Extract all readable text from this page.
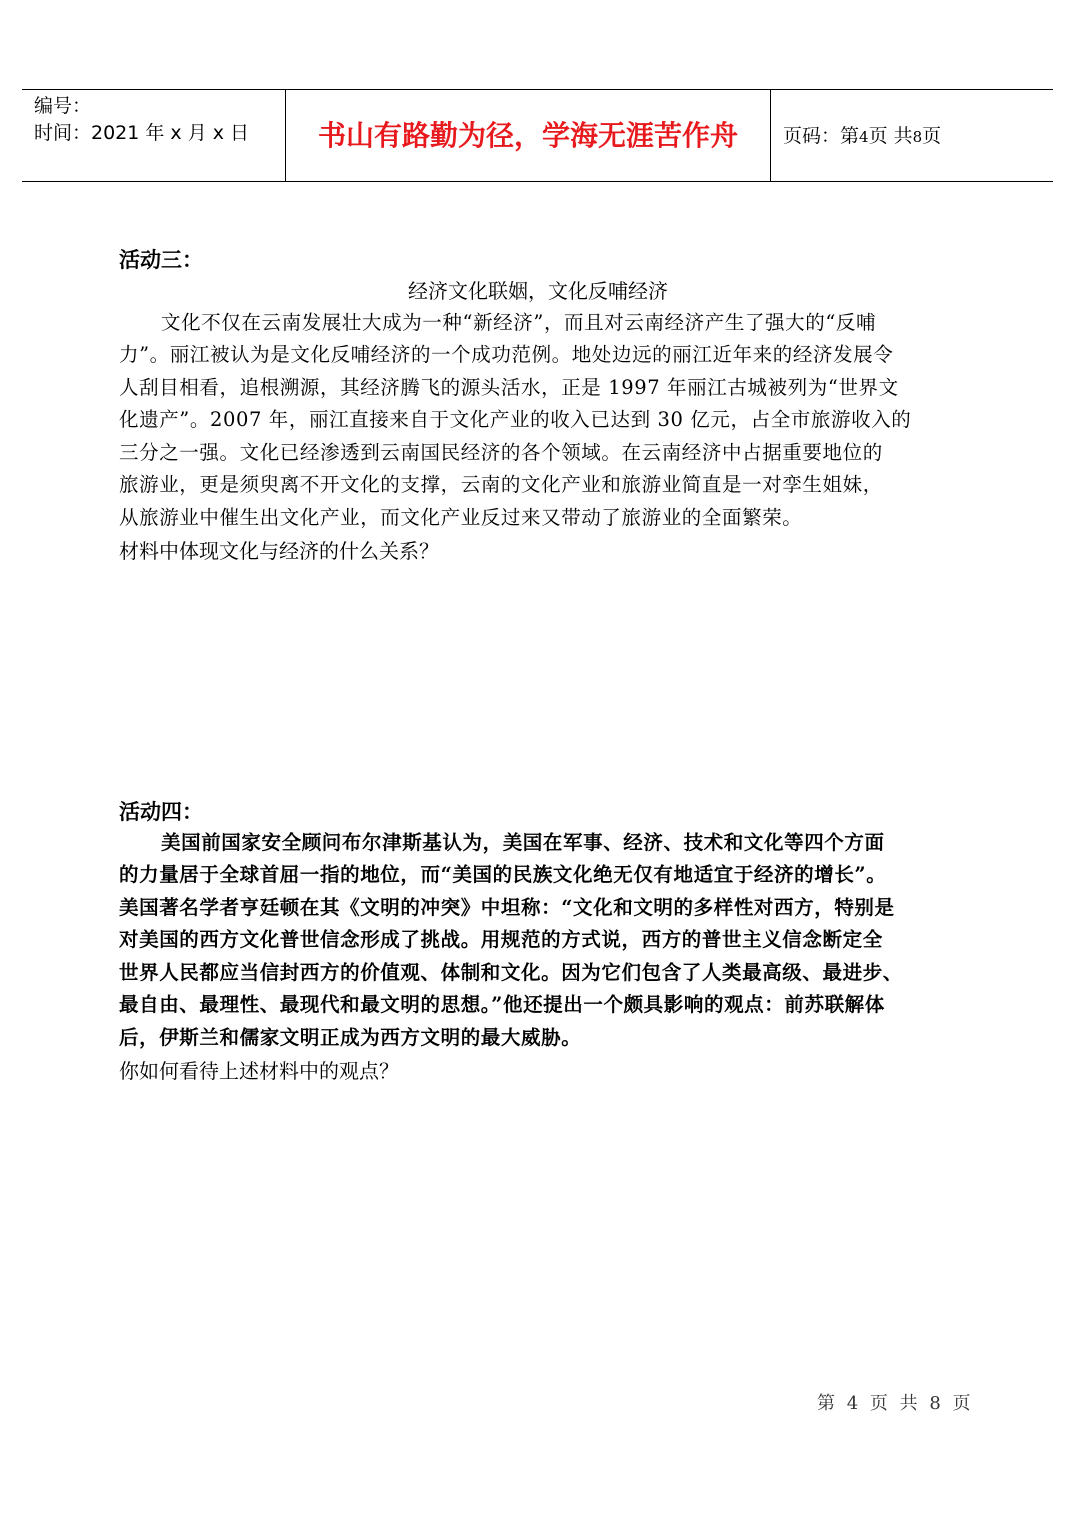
编号：
时间：2021 年 x 月 x 日	书山有路勤为径，学海无涯苦作舟	页码：第4页 共8页
活动三：
经济文化联姻，文化反哺经济
文化不仅在云南发展壮大成为一种“新经济”，而且对云南经济产生了强大的“反哺
力”。丽江被认为是文化反哺经济的一个成功范例。地处边远的丽江近年来的经济发展令
人刮目相看，追根溯源，其经济腾飞的源头活水，正是 1997 年丽江古城被列为“世界文
化遗产”。2007 年，丽江直接来自于文化产业的收入已达到 30 亿元，占全市旅游收入的
三分之一强。文化已经渗透到云南国民经济的各个领域。在云南经济中占据重要地位的
旅游业，更是须臾离不开文化的支撑，云南的文化产业和旅游业简直是一对孪生姐妹，
从旅游业中催生出文化产业，而文化产业反过来又带动了旅游业的全面繁荣。
材料中体现文化与经济的什么关系？
活动四：
美国前国家安全顾问布尔津斯基认为，美国在军事、经济、技术和文化等四个方面
的力量居于全球首屈一指的地位，而“美国的民族文化绝无仅有地适宜于经济的增长”。
美国著名学者亨廷顿在其《文明的冲突》中坦称：“文化和文明的多样性对西方，特别是
对美国的西方文化普世信念形成了挑战。用规范的方式说，西方的普世主义信念断定全
世界人民都应当信封西方的价值观、体制和文化。因为它们包含了人类最高级、最进步、
最自由、最理性、最现代和最文明的思想。”他还提出一个颇具影响的观点：前苏联解体
后，伊斯兰和儒家文明正成为西方文明的最大威胁。
你如何看待上述材料中的观点？
第 4 页 共 8 页
